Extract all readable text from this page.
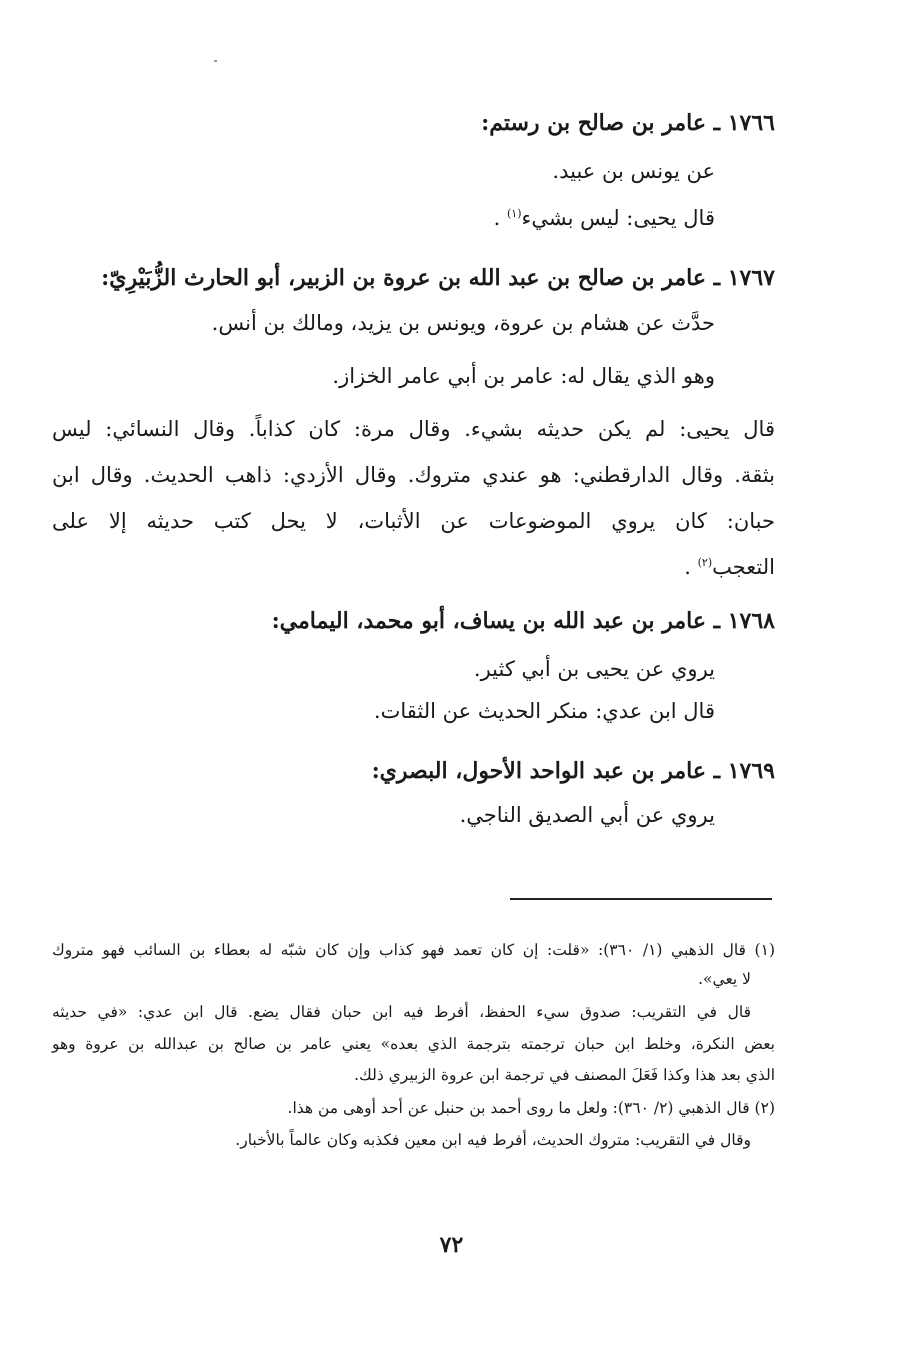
١٧٦٦ ـ عامر بن صالح بن رستم:
عن يونس بن عبيد.
قال يحيى: ليس بشيء$^{(١)}$ .
١٧٦٧ ـ عامر بن صالح بن عبد الله بن عروة بن الزبير، أبو الحارث الزُّبَيْرِيّ:
حدَّث عن هشام بن عروة، ويونس بن يزيد، ومالك بن أنس.
وهو الذي يقال له: عامر بن أبي عامر الخزاز.
قال يحيى: لم يكن حديثه بشيء. وقال مرة: كان كذاباً. وقال النسائي: ليس
بثقة. وقال الدارقطني: هو عندي متروك. وقال الأزدي: ذاهب الحديث. وقال ابن
حبان: كان يروي الموضوعات عن الأثبات، لا يحل كتب حديثه إلا على
التعجب$^{(٢)}$ .
١٧٦٨ ـ عامر بن عبد الله بن يساف، أبو محمد، اليمامي:
يروي عن يحيى بن أبي كثير.
قال ابن عدي: منكر الحديث عن الثقات.
١٧٦٩ ـ عامر بن عبد الواحد الأحول، البصري:
يروي عن أبي الصديق الناجي.
(١) قال الذهبي (١/ ٣٦٠): «قلت: إن كان تعمد فهو كذاب وإن كان شبّه له بعطاء بن السائب فهو متروك
لا يعي».
قال في التقريب: صدوق سيء الحفظ، أفرط فيه ابن حبان فقال يضع. قال ابن عدي: «في حديثه
بعض النكرة، وخلط ابن حبان ترجمته بترجمة الذي بعده» يعني عامر بن صالح بن عبدالله بن عروة وهو
الذي بعد هذا وكذا فَعَلَ المصنف في ترجمة ابن عروة الزبيري ذلك.
(٢) قال الذهبي (٢/ ٣٦٠): ولعل ما روى أحمد بن حنبل عن أحد أوهى من هذا.
وقال في التقريب: متروك الحديث، أفرط فيه ابن معين فكذبه وكان عالماً بالأخبار.
٧٢
